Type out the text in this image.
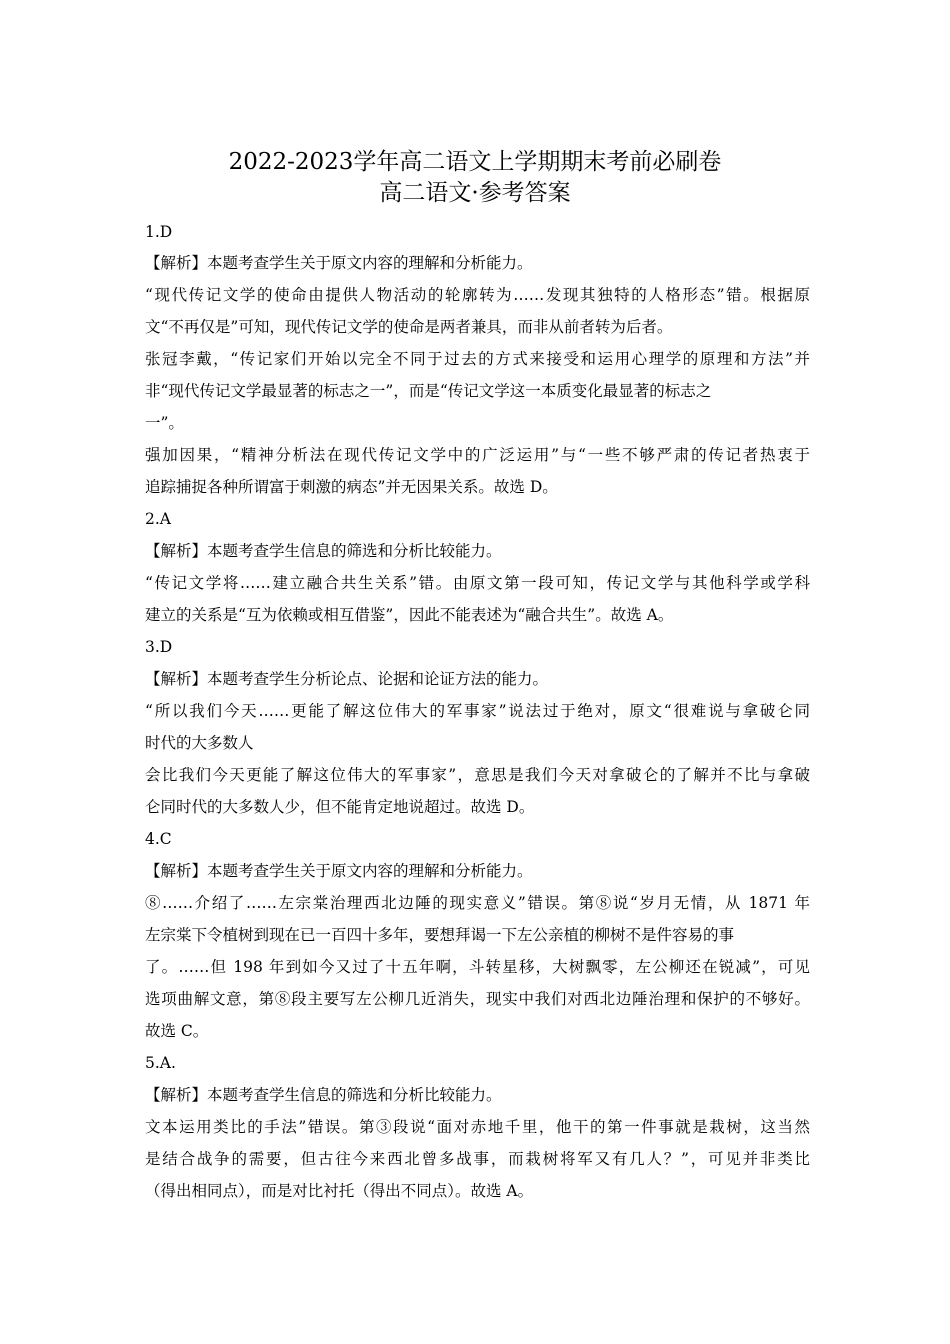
2022-2023学年高二语文上学期期末考前必刷卷
高二语文·参考答案
1.D
【解析】本题考查学生关于原文内容的理解和分析能力。
“现代传记文学的使命由提供人物活动的轮廓转为……发现其独特的人格形态”错。根据原
文“不再仅是”可知，现代传记文学的使命是两者兼具，而非从前者转为后者。
张冠李戴，“传记家们开始以完全不同于过去的方式来接受和运用心理学的原理和方法”并
非“现代传记文学最显著的标志之一”，而是“传记文学这一本质变化最显著的标志之
一”。
强加因果，“精神分析法在现代传记文学中的广泛运用”与“一些不够严肃的传记者热衷于
追踪捕捉各种所谓富于刺激的病态”并无因果关系。故选 D。
2.A
【解析】本题考查学生信息的筛选和分析比较能力。
“传记文学将……建立融合共生关系”错。由原文第一段可知，传记文学与其他科学或学科
建立的关系是“互为依赖或相互借鉴”，因此不能表述为“融合共生”。故选 A。
3.D
【解析】本题考查学生分析论点、论据和论证方法的能力。
“所以我们今天……更能了解这位伟大的军事家”说法过于绝对，原文“很难说与拿破仑同
时代的大多数人
会比我们今天更能了解这位伟大的军事家”，意思是我们今天对拿破仑的了解并不比与拿破
仑同时代的大多数人少，但不能肯定地说超过。故选 D。
4.C
【解析】本题考查学生关于原文内容的理解和分析能力。
⑧……介绍了……左宗棠治理西北边陲的现实意义”错误。第⑧说“岁月无情，从 1871 年
左宗棠下令植树到现在已一百四十多年，要想拜谒一下左公亲植的柳树不是件容易的事
了。……但 198 年到如今又过了十五年啊，斗转星移，大树飘零，左公柳还在锐减”，可见
选项曲解文意，第⑧段主要写左公柳几近消失，现实中我们对西北边陲治理和保护的不够好。
故选 C。
5.A.
【解析】本题考查学生信息的筛选和分析比较能力。
文本运用类比的手法”错误。第③段说“面对赤地千里，他干的第一件事就是栽树，这当然
是结合战争的需要，但古往今来西北曾多战事，而栽树将军又有几人？”，可见并非类比
（得出相同点），而是对比衬托（得出不同点）。故选 A。
